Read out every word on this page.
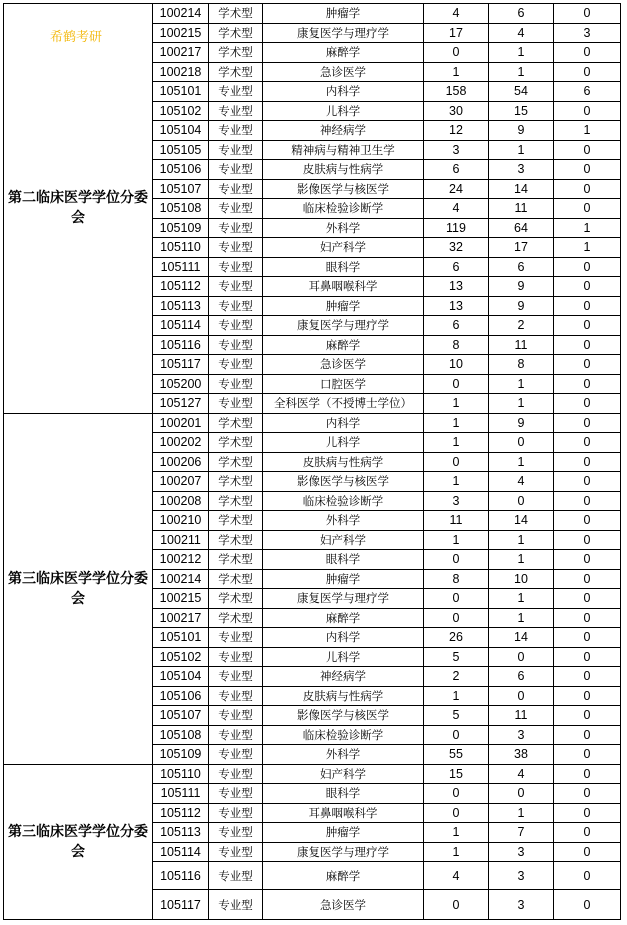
第二临床医学学位分委会	100214	学术型	肿瘤学	4	6	0
	100215	学术型	康复医学与理疗学	17	4	3
	100217	学术型	麻醉学	0	1	0
	100218	学术型	急诊医学	1	1	0
	105101	专业型	内科学	158	54	6
	105102	专业型	儿科学	30	15	0
	105104	专业型	神经病学	12	9	1
	105105	专业型	精神病与精神卫生学	3	1	0
	105106	专业型	皮肤病与性病学	6	3	0
	105107	专业型	影像医学与核医学	24	14	0
	105108	专业型	临床检验诊断学	4	11	0
	105109	专业型	外科学	119	64	1
	105110	专业型	妇产科学	32	17	1
	105111	专业型	眼科学	6	6	0
	105112	专业型	耳鼻咽喉科学	13	9	0
	105113	专业型	肿瘤学	13	9	0
	105114	专业型	康复医学与理疗学	6	2	0
	105116	专业型	麻醉学	8	11	0
	105117	专业型	急诊医学	10	8	0
	105200	专业型	口腔医学	0	1	0
	105127	专业型	全科医学（不授博士学位）	1	1	0
第三临床医学学位分委会	100201	学术型	内科学	1	9	0
	100202	学术型	儿科学	1	0	0
	100206	学术型	皮肤病与性病学	0	1	0
	100207	学术型	影像医学与核医学	1	4	0
	100208	学术型	临床检验诊断学	3	0	0
	100210	学术型	外科学	11	14	0
	100211	学术型	妇产科学	1	1	0
	100212	学术型	眼科学	0	1	0
	100214	学术型	肿瘤学	8	10	0
	100215	学术型	康复医学与理疗学	0	1	0
	100217	学术型	麻醉学	0	1	0
	105101	专业型	内科学	26	14	0
	105102	专业型	儿科学	5	0	0
	105104	专业型	神经病学	2	6	0
	105106	专业型	皮肤病与性病学	1	0	0
	105107	专业型	影像医学与核医学	5	11	0
	105108	专业型	临床检验诊断学	0	3	0
	105109	专业型	外科学	55	38	0
第三临床医学学位分委会	105110	专业型	妇产科学	15	4	0
	105111	专业型	眼科学	0	0	0
	105112	专业型	耳鼻咽喉科学	0	1	0
	105113	专业型	肿瘤学	1	7	0
	105114	专业型	康复医学与理疗学	1	3	0
	105116	专业型	麻醉学	4	3	0
	105117	专业型	急诊医学	0	3	0
希鹤考研
